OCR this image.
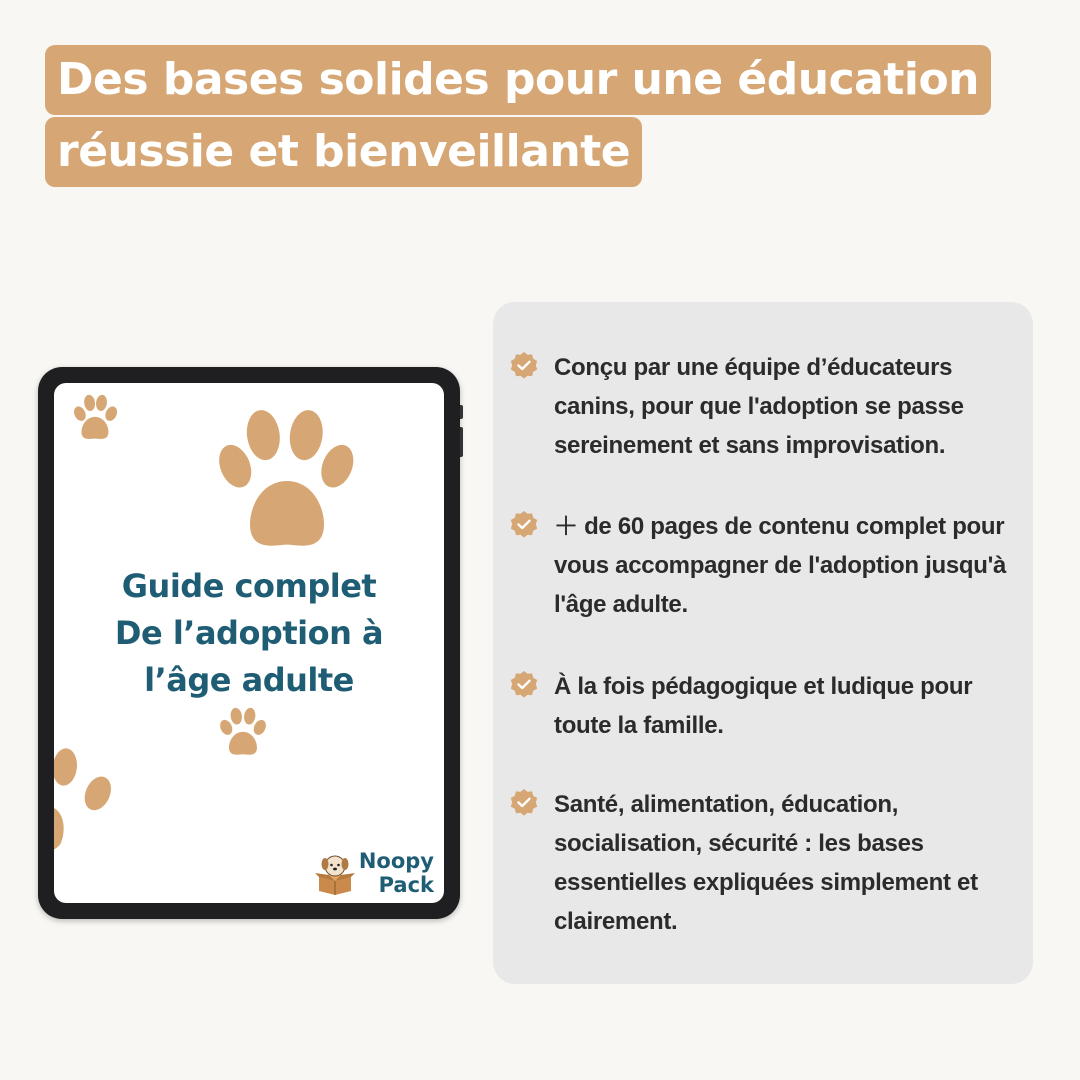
Des bases solides pour une éducation
réussie et bienveillante
Guide complet
De l’adoption à
l’âge adulte
Noopy
Pack
Conçu par une équipe d’éducateurs canins, pour que l'adoption se passe sereinement et sans improvisation.
＋ de 60 pages de contenu complet pour vous accompagner de l'adoption jusqu'à l'âge adulte.
À la fois pédagogique et ludique pour toute la famille.
Santé, alimentation, éducation, socialisation, sécurité : les bases essentielles expliquées simplement et clairement.
